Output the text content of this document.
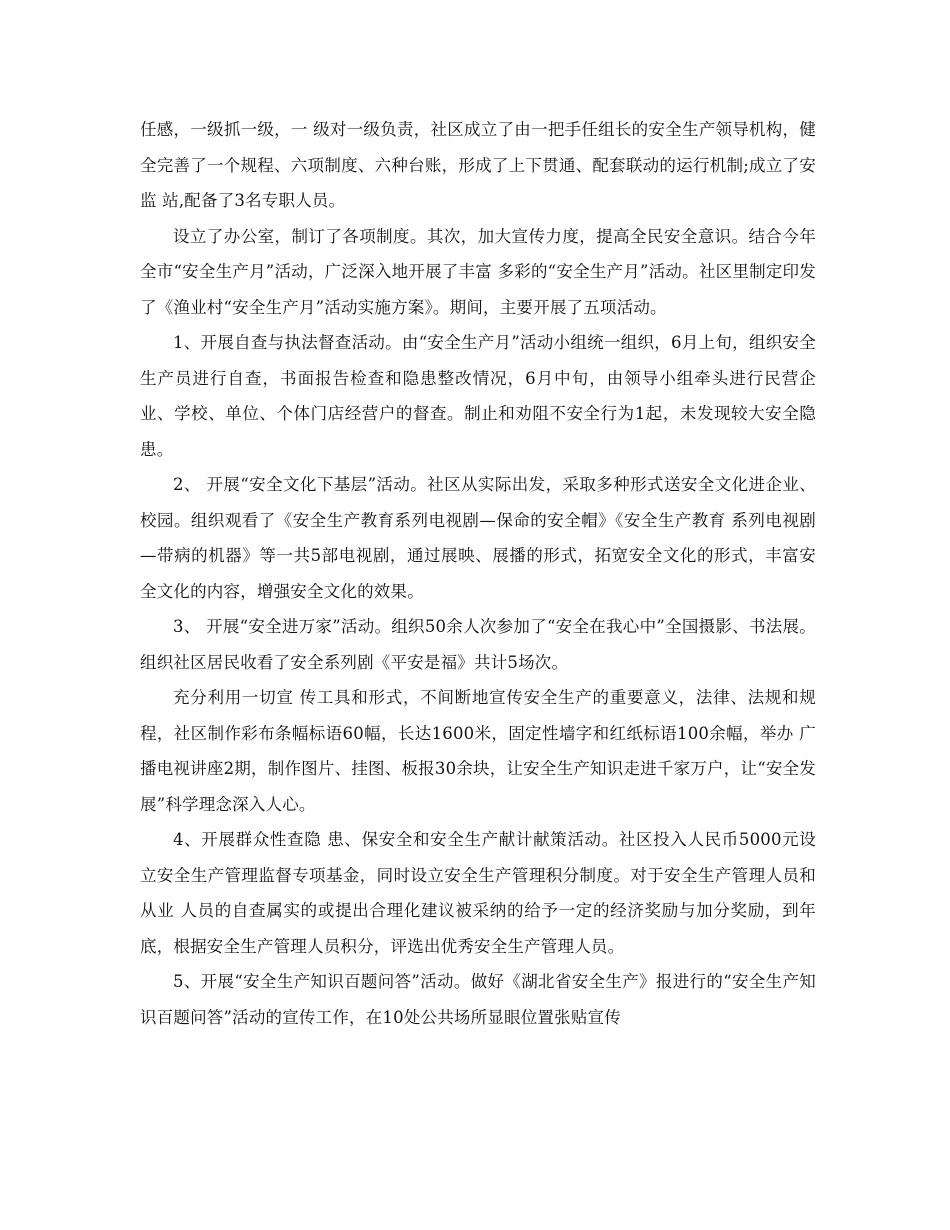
任感，一级抓一级，一 级对一级负责，社区成立了由一把手任组长的安全生产领导机构，健全完善了一个规程、六项制度、六种台账，形成了上下贯通、配套联动的运行机制;成立了安监 站,配备了3名专职人员。

设立了办公室，制订了各项制度。其次，加大宣传力度，提高全民安全意识。结合今年全市“安全生产月”活动，广泛深入地开展了丰富 多彩的“安全生产月”活动。社区里制定印发了《渔业村“安全生产月”活动实施方案》。期间，主要开展了五项活动。

1、开展自查与执法督查活动。由“安全生产月”活动小组统一组织，6月上旬，组织安全生产员进行自查，书面报告检查和隐患整改情况，6月中旬，由领导小组牵头进行民营企业、学校、单位、个体门店经营户的督查。制止和劝阻不安全行为1起，未发现较大安全隐患。

2、 开展“安全文化下基层”活动。社区从实际出发，采取多种形式送安全文化进企业、校园。组织观看了《安全生产教育系列电视剧—保命的安全帽》《安全生产教育 系列电视剧—带病的机器》等一共5部电视剧，通过展映、展播的形式，拓宽安全文化的形式，丰富安全文化的内容，增强安全文化的效果。

3、 开展“安全进万家”活动。组织50余人次参加了“安全在我心中”全国摄影、书法展。组织社区居民收看了安全系列剧《平安是福》共计5场次。

充分利用一切宣 传工具和形式，不间断地宣传安全生产的重要意义，法律、法规和规程，社区制作彩布条幅标语60幅，长达1600米，固定性墙字和红纸标语100余幅，举办 广播电视讲座2期，制作图片、挂图、板报30余块，让安全生产知识走进千家万户，让“安全发展”科学理念深入人心。

4、开展群众性查隐 患、保安全和安全生产献计献策活动。社区投入人民币5000元设立安全生产管理监督专项基金，同时设立安全生产管理积分制度。对于安全生产管理人员和从业 人员的自查属实的或提出合理化建议被采纳的给予一定的经济奖励与加分奖励，到年底，根据安全生产管理人员积分，评选出优秀安全生产管理人员。

5、开展“安全生产知识百题问答”活动。做好《湖北省安全生产》报进行的“安全生产知识百题问答”活动的宣传工作，在10处公共场所显眼位置张贴宣传
